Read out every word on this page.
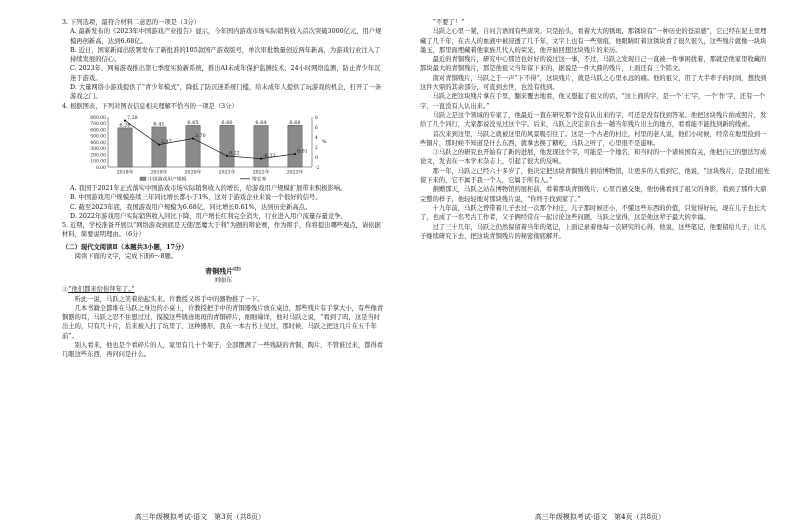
3. 下列选项，最符合材料二意思的一项是（3分）

A. 最新发布的《2023年中国游戏产业报告》显示，今年国内游戏市场实际销售收入首次突破3000亿元，用户规模再创新高，达到6.68亿。

B. 近日，国家新闻出版署发布了新批准的105款国产游戏版号，单次审批数量创近两年新高，为游戏行业注入了持续发展的信心。

C. 2023年，网易游戏推出第七季度实验新系统，推出AI未成年保护监测技术，24小时网络监测，防止青少年沉迷于游戏。

D. 大量网络小游戏提供了“青少年模式”，降低了防沉迷系统门槛，给未成年人提供了玩游戏的机会，打开了一条游戏之门。

4. 根据图表，下列对图表信息相关理解不恰当的一项是（3分）

800.00
700.00
600.00
500.00
400.00
300.00
200.00
100.00
0.00
8
6
4
2
0
-2
6.26
2018年
7.28
6.41
2019年
2.47
6.65
2020年
3.70
6.66
2021年
0.22
6.64
2022年
-0.33
6.68
2023年
0.61
中国游戏用户规模	增长率
%

A. 我国于2021年正式落实中国游戏市场实际销售收入的增长，给游戏用户规模扩展带来积极影响。

B. 中国游戏用户规模连续三年同比增长都小于1%，这对于游戏企业来说一个很好的信号。

C. 截至2023年底，我国游戏用户规模为6.68亿，同比增长0.61%，达到历史新高点。

D. 2022年游戏用户实际销售收入同比下降，用户增长红利完全消失，行业进入用户流量存量竞争。

5. 近期，学校准备开展以“网络游戏到底是天使/恶魔大于利”为题的辩论赛，作为辩手，你将提出哪些观点，请依据材料，简要说明理由。（6分）

（二）现代文阅读Ⅱ（本题共3小题，17分）

阅读下面的文字，完成下面6～8题。

青铜残片[注]
刘丽东

①“他们都来给你拜年了。”

听此一说，马跃之笑着抬起头来。许教授又将手中的器物推了一下。

几本书籍全都堆在马跃之身边的小桌上，许教授把手中的青铜器残片放在桌边，那些残片有手掌大小，有些像青铜器的耳，马跃之忍不住想过过，摸摸这些锈迹斑斑的青铜碎片，细细端详，他对马跃之说，“看到了吗，这是当时出土的，只有几十片，后来被人打了坑里了，这种器形，我在一本古书上见过，那时候，马跃之把这几片在五千年前”。

别人看来，他也是个看碎片的人，家里有几十个架子，全部摆满了一些残缺的青铜、陶片，不管谁过来，都得看几眼这些东西，再问问是什么。

高三年级模拟考试·语文　第3页（共8页）

“不要了！”

马跃之心里一紧，自问言语间有些唐突。只是抬头，看着大大的锈斑，那锈块有“一种历史的苍凉感”，它已经在泥土里埋藏了几千年，在古人的血液中被浸透了几千年，文字上也有一些刻痕，他眼睛盯着这锈块看了很久很久，这些残片就像一块块墨玉，那里面埋藏着他家族几代人的荣光，他开始回想这块残片的来历。

最近的青铜残片，研究中心那边也好好的说过这一事，不过，马跃之发现自己一直被一件事困扰着，那就是他家里收藏的那块最大的青铜残片，那是他祖父当年留下来的，据说是一件大鼎的残片，上面还有三个铭文。

南对青铜残片，马跃之于一声“下不得”，这块残片，就是马跃之心里永远的痛。他的祖父，用了大半辈子的时间，想找到这件大鼎的其余部分，可直到去世，也没有找到。

马跃之把这块残片拿在手里，翻来覆去地看，他又想起了祖父的话，“这上面的字，是一个‘王’字，一个‘作’字，还有一个字，一直没有人认出来。”

马跃之是这个领域的专家了，他最近一直在研究那个没有认出来的字，可还是没有找到答案。他把这块残片拍成照片，发给了几个同行，大家都说没见过这个字。后来，马跃之决定亲自去一趟当年残片出土的地方，看看能不能找到新的线索。

首次来到这里，马跃之就被这里的风景吸引住了。这是一个古老的村庄，村里的老人说，他们小时候，经常在地里捡到一些铜片，那时候不知道是什么东西，就拿去换了糖吃，马跃之听了，心里很不是滋味。

③马跃之的研究也开始有了新的进展，他发现这个字，可能是一个地名，和当时的一个诸侯国有关，他把自己的想法写成论文，发表在一本学术杂志上，引起了很大的反响。

那一年，马跃之已经六十多岁了，他决定把这块青铜残片捐给博物馆，让更多的人看到它，他说，“这块残片，是我们祖先留下来的，它不属于我一个人，它属于所有人。”

捐赠那天，马跃之站在博物馆的展柜前，看着那块青铜残片，心里百感交集，他仿佛看到了祖父的身影，看到了那件大鼎完整的样子，他轻轻地对那块残片说，“你终于找到家了。”

十九年前，马跃之曾带着儿子去过一次那个村庄，儿子那时候还小，不懂这些东西的价值，只觉得好玩，现在儿子也长大了，也成了一名考古工作者，父子俩经常在一起讨论这些问题，马跃之觉得，这是他这辈子最大的幸福。

过了三十几年，马跃之仍然保留着当年的笔记，上面记录着他每一次研究的心得，他说，这些笔记，他要留给儿子，让儿子继续研究下去，把这块青铜残片的秘密彻底解开。

高三年级模拟考试·语文　第4页（共8页）
